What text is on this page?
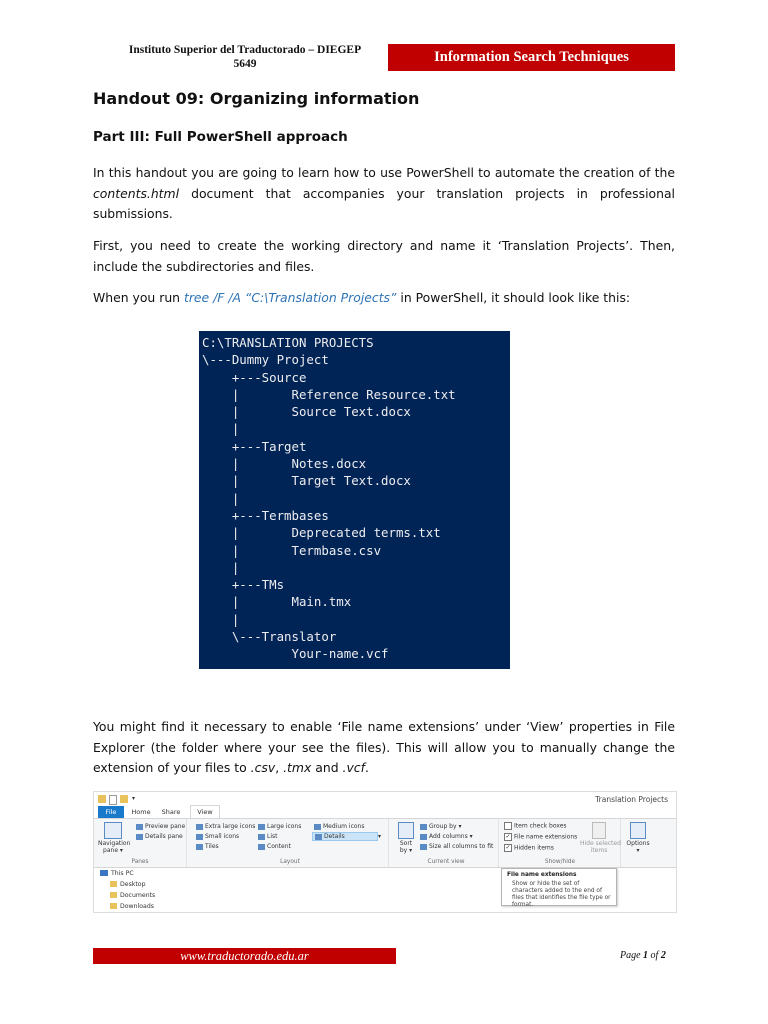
Instituto Superior del Traductorado – DIEGEP
5649	Information Search Techniques
Handout 09: Organizing information
Part III: Full PowerShell approach

In this handout you are going to learn how to use PowerShell to automate the creation of the contents.html document that accompanies your translation projects in professional submissions.

First, you need to create the working directory and name it ‘Translation Projects’. Then, include the subdirectories and files.

When you run tree /F /A “C:\Translation Projects” in PowerShell, it should look like this:

C:\TRANSLATION PROJECTS
\---Dummy Project
+---Source
|       Reference Resource.txt
|       Source Text.docx
|
+---Target
|       Notes.docx
|       Target Text.docx
|
+---Termbases
|       Deprecated terms.txt
|       Termbase.csv
|
+---TMs
|       Main.tmx
|
\---Translator
Your-name.vcf

You might find it necessary to enable ‘File name extensions’ under ‘View’ properties in File Explorer (the folder where your see the files). This will allow you to manually change the extension of your files to .csv, .tmx and .vcf.

▾	Translation Projects
File	Home	Share	View
Navigation
pane ▾
Preview pane
Details pane
Panes
Extra large icons
Small icons
Tiles
Large icons
List
Content
Medium icons
Details	▾
Layout
Sort
by ▾
Group by ▾
Add columns ▾
Size all columns to fit
Current view
Item check boxes
✓ File name extensions
✓ Hidden items
Hide selected
items
Show/hide
Options
▾
This PC
Desktop
Documents
Downloads
File name extensions
Show or hide the set of characters added to the end of files that identifies the file type or format.
www.traductorado.edu.ar	Page 1 of 2
